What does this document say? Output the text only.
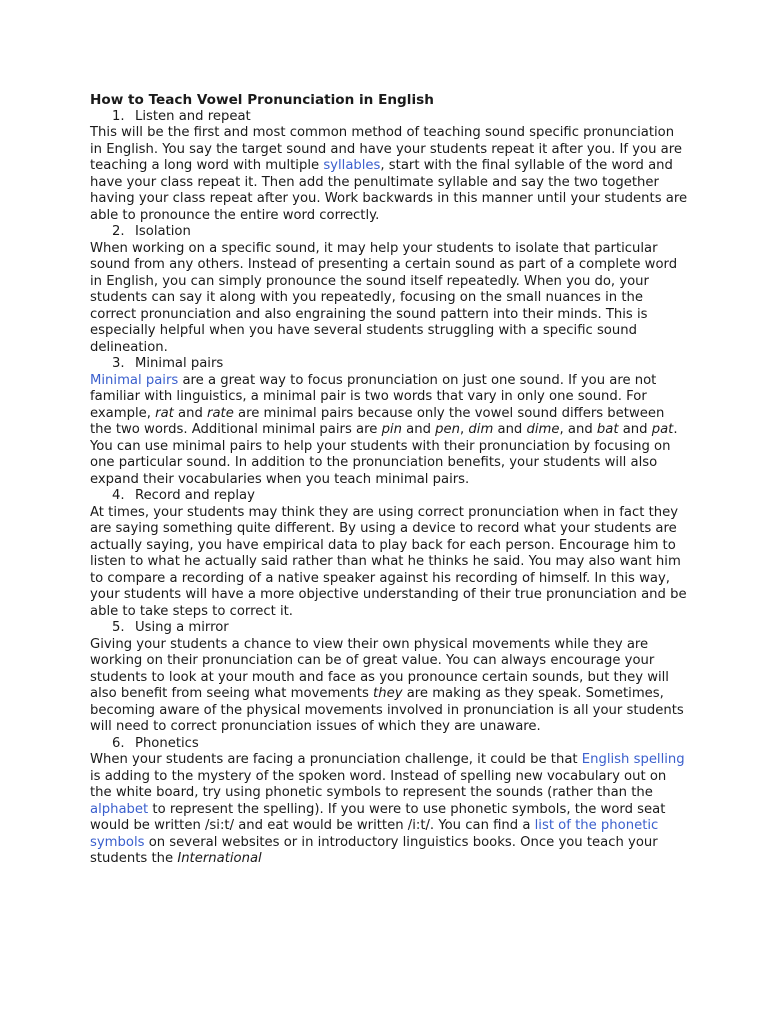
How to Teach Vowel Pronunciation in English
1. Listen and repeat
This will be the first and most common method of teaching sound specific pronunciation in English. You say the target sound and have your students repeat it after you. If you are teaching a long word with multiple syllables, start with the final syllable of the word and have your class repeat it. Then add the penultimate syllable and say the two together having your class repeat after you. Work backwards in this manner until your students are able to pronounce the entire word correctly.
2. Isolation
When working on a specific sound, it may help your students to isolate that particular sound from any others. Instead of presenting a certain sound as part of a complete word in English, you can simply pronounce the sound itself repeatedly. When you do, your students can say it along with you repeatedly, focusing on the small nuances in the correct pronunciation and also engraining the sound pattern into their minds. This is especially helpful when you have several students struggling with a specific sound delineation.
3. Minimal pairs
Minimal pairs are a great way to focus pronunciation on just one sound. If you are not familiar with linguistics, a minimal pair is two words that vary in only one sound. For example, rat and rate are minimal pairs because only the vowel sound differs between the two words. Additional minimal pairs are pin and pen, dim and dime, and bat and pat. You can use minimal pairs to help your students with their pronunciation by focusing on one particular sound. In addition to the pronunciation benefits, your students will also expand their vocabularies when you teach minimal pairs.
4. Record and replay
At times, your students may think they are using correct pronunciation when in fact they are saying something quite different. By using a device to record what your students are actually saying, you have empirical data to play back for each person. Encourage him to listen to what he actually said rather than what he thinks he said. You may also want him to compare a recording of a native speaker against his recording of himself. In this way, your students will have a more objective understanding of their true pronunciation and be able to take steps to correct it.
5. Using a mirror
Giving your students a chance to view their own physical movements while they are working on their pronunciation can be of great value. You can always encourage your students to look at your mouth and face as you pronounce certain sounds, but they will also benefit from seeing what movements they are making as they speak. Sometimes, becoming aware of the physical movements involved in pronunciation is all your students will need to correct pronunciation issues of which they are unaware.
6. Phonetics
When your students are facing a pronunciation challenge, it could be that English spelling is adding to the mystery of the spoken word. Instead of spelling new vocabulary out on the white board, try using phonetic symbols to represent the sounds (rather than the alphabet to represent the spelling). If you were to use phonetic symbols, the word seat would be written /si:t/ and eat would be written /i:t/. You can find a list of the phonetic symbols on several websites or in introductory linguistics books. Once you teach your students the International
